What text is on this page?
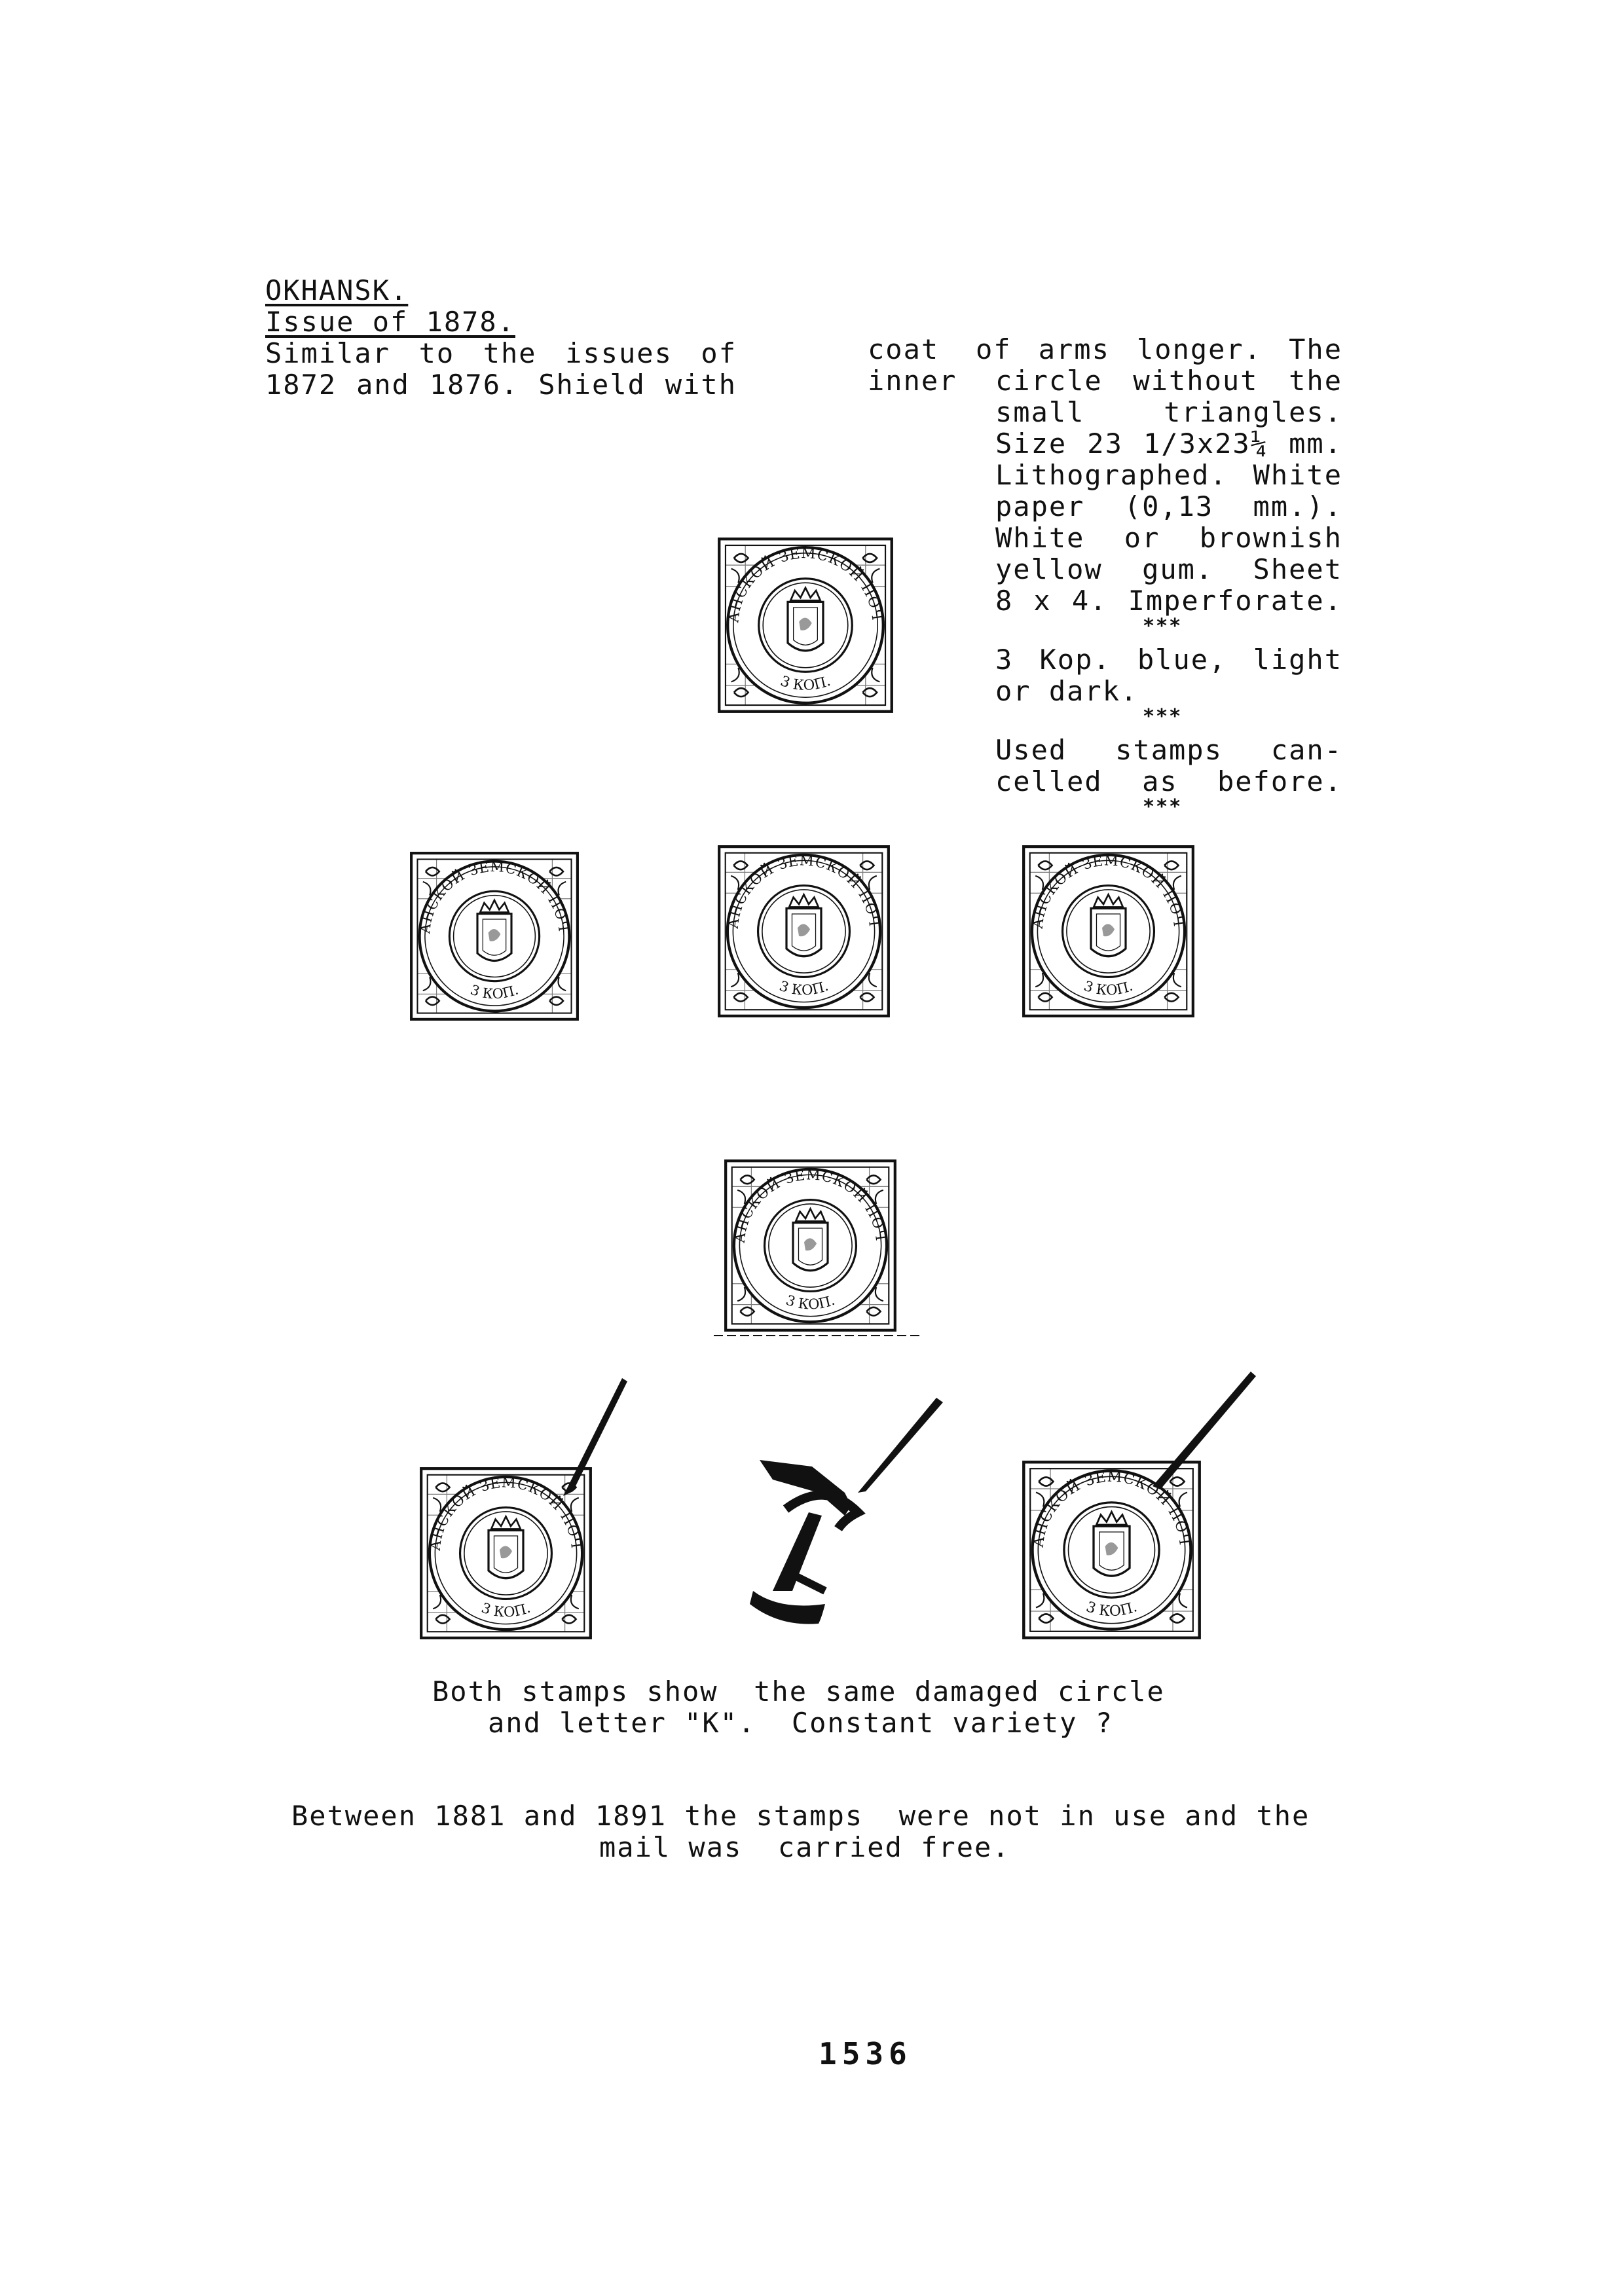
OKHANSK.
Issue of 1878.
Similar to the issues of
1872 and 1876. Shield with
coat of arms longer. The
inner circle without the
small triangles.
Size 23 1/3x23¼ mm.
Lithographed. White
paper (0,13 mm.).
White or brownish
yellow gum. Sheet
8 x 4. Imperforate.
***
3 Kop. blue, light
or dark.
***
Used stamps can-
celled as before.
***
Both stamps show  the same damaged circle
and letter "K".  Constant variety ?
Between 1881 and 1891 the stamps  were not in use and the
mail was  carried free.
1536
